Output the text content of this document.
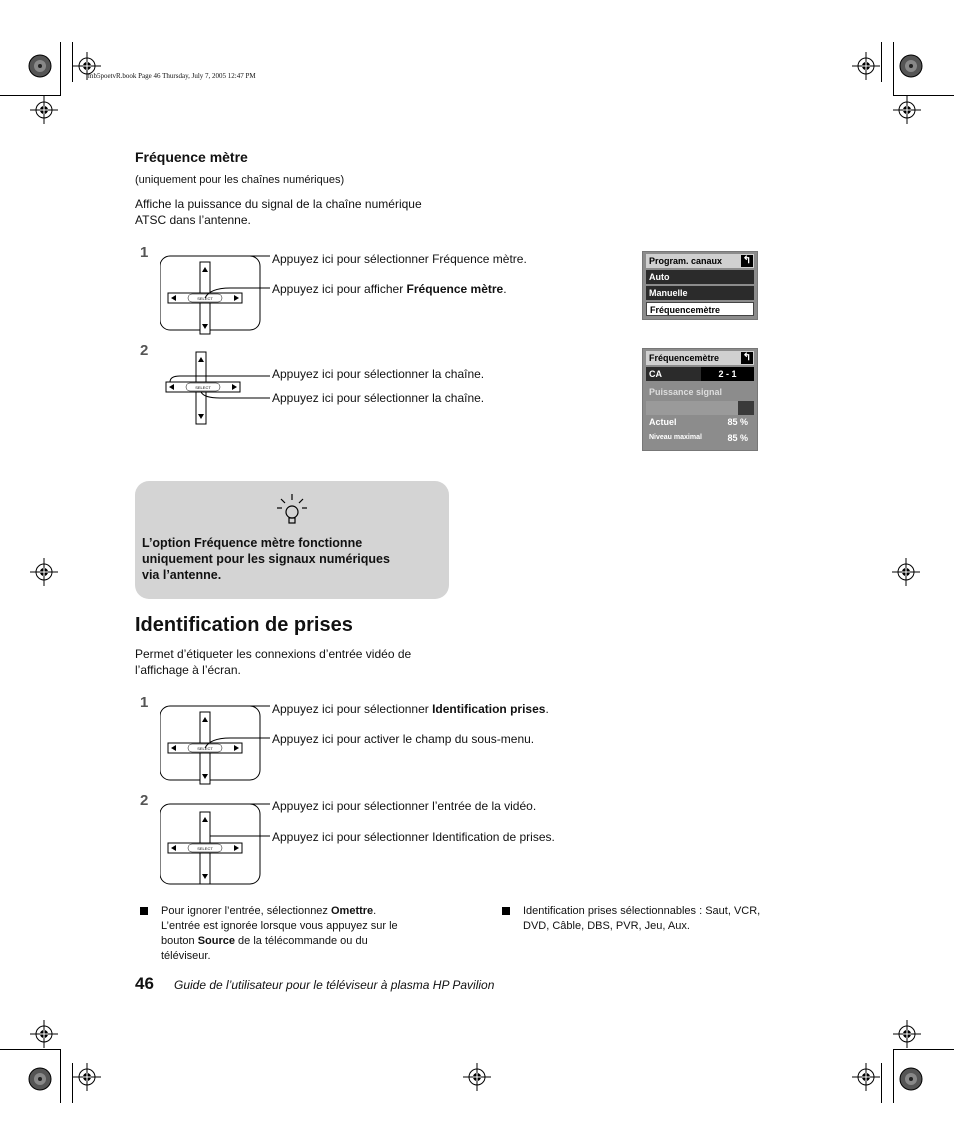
mb5poetvR.book Page 46 Thursday, July 7, 2005 12:47 PM
Fréquence mètre
(uniquement pour les chaînes numériques)
Affiche la puissance du signal de la chaîne numérique
ATSC dans l’antenne.
1
2
1
2
SELECT
SELECT
SELECT
SELECT
Appuyez ici pour sélectionner Fréquence mètre.
Appuyez ici pour afficher Fréquence mètre.
Appuyez ici pour sélectionner la chaîne.
Appuyez ici pour sélectionner la chaîne.
Program. canaux ↰
Auto
Manuelle
Fréquencemètre
Fréquencemètre ↰
CA	2 - 1
Puissance signal
Actuel	85 %
Niveau maximal	85 %
L’option Fréquence mètre fonctionne
uniquement pour les signaux numériques
via l’antenne.
Identification de prises
Permet d’étiqueter les connexions d’entrée vidéo de
l’affichage à l’écran.
Appuyez ici pour sélectionner Identification prises.
Appuyez ici pour activer le champ du sous-menu.
Appuyez ici pour sélectionner l’entrée de la vidéo.
Appuyez ici pour sélectionner Identification de prises.
Pour ignorer l’entrée, sélectionnez Omettre.
L’entrée est ignorée lorsque vous appuyez sur le
bouton Source de la télécommande ou du
téléviseur.
Identification prises sélectionnables : Saut, VCR,
DVD, Câble, DBS, PVR, Jeu, Aux.
46 Guide de l’utilisateur pour le téléviseur à plasma HP Pavilion
